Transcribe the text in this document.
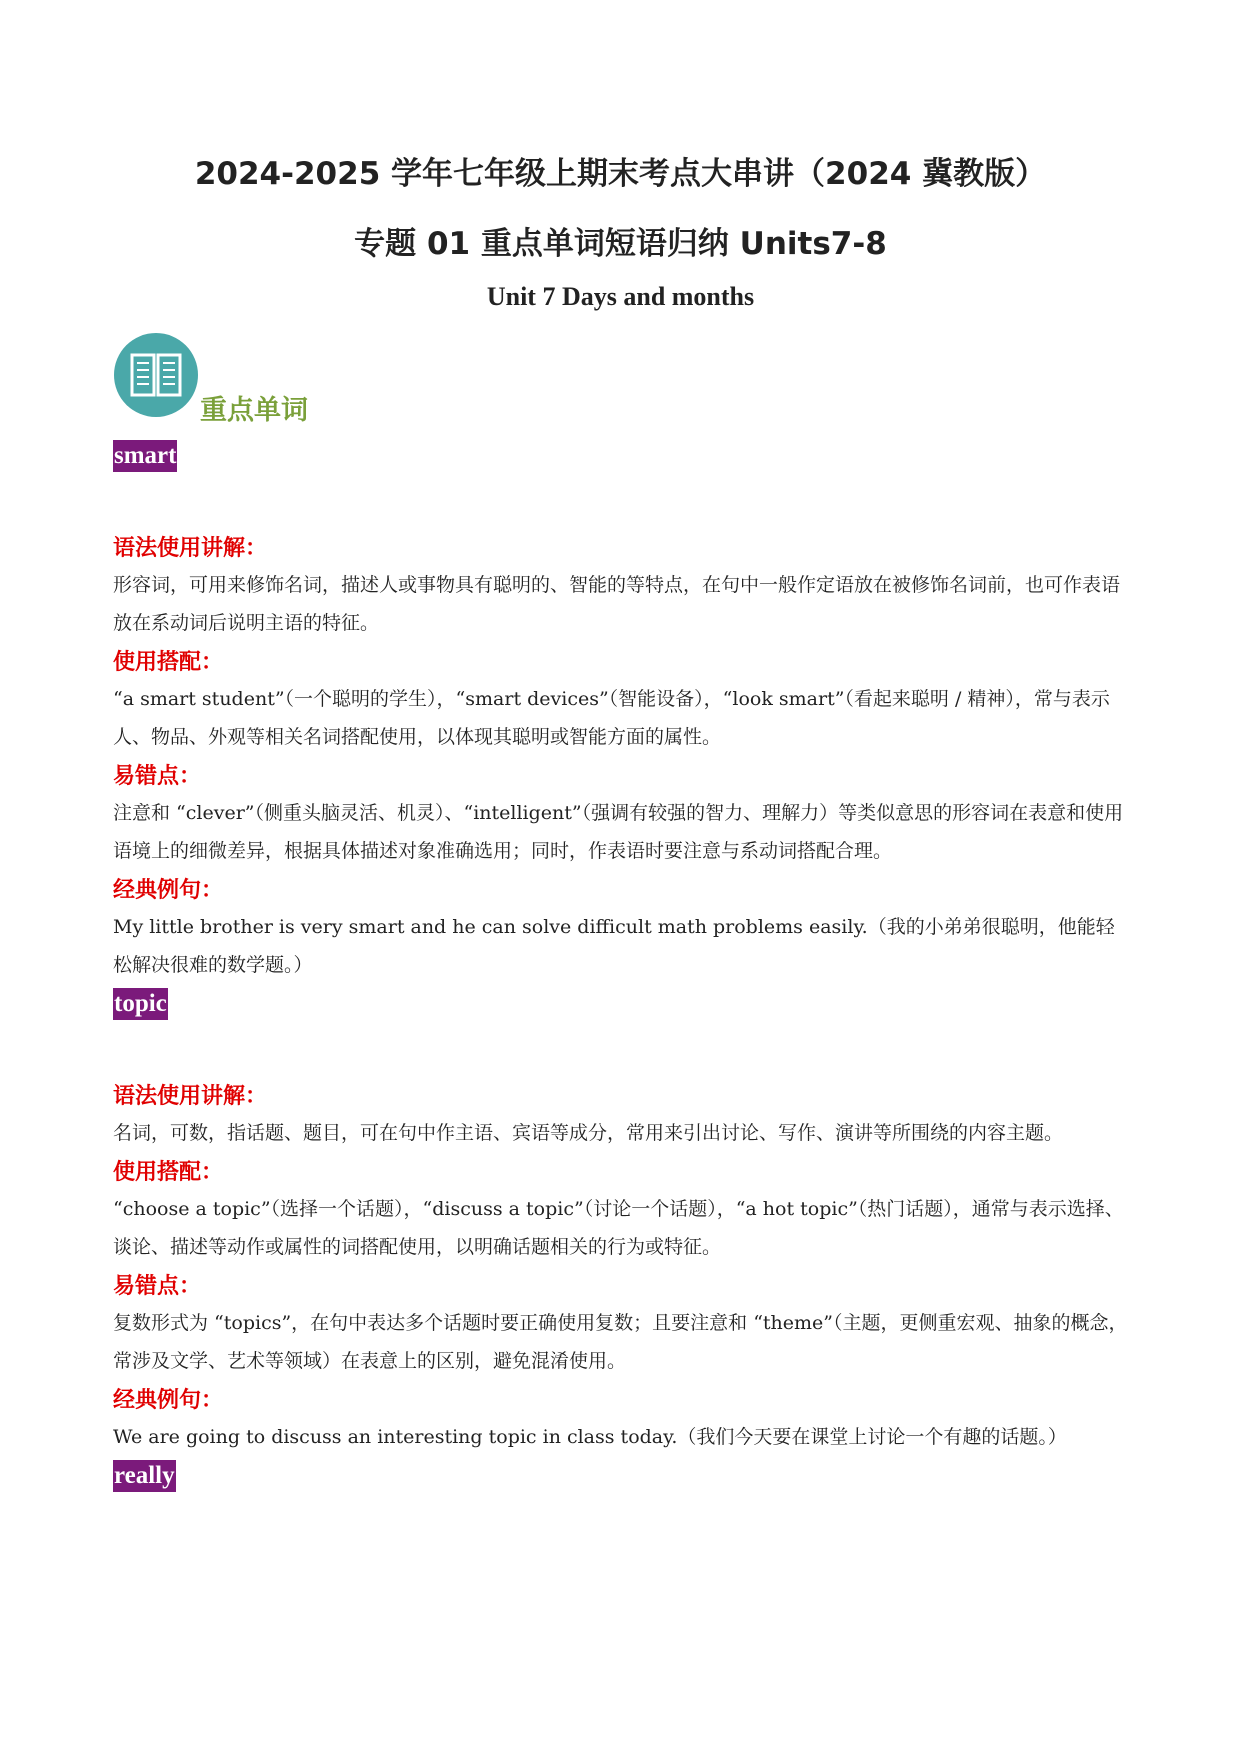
2024-2025 学年七年级上期末考点大串讲（2024 冀教版）
专题 01 重点单词短语归纳 Units7-8
Unit 7 Days and months
重点单词
smart

语法使用讲解：

形容词，可用来修饰名词，描述人或事物具有聪明的、智能的等特点，在句中一般作定语放在被修饰名词前，也可作表语放在系动词后说明主语的特征。

使用搭配：

“a smart student”（一个聪明的学生），“smart devices”（智能设备），“look smart”（看起来聪明 / 精神），常与表示人、物品、外观等相关名词搭配使用，以体现其聪明或智能方面的属性。

易错点：

注意和 “clever”（侧重头脑灵活、机灵）、“intelligent”（强调有较强的智力、理解力）等类似意思的形容词在表意和使用语境上的细微差异，根据具体描述对象准确选用；同时，作表语时要注意与系动词搭配合理。

经典例句：

My little brother is very smart and he can solve difficult math problems easily.（我的小弟弟很聪明，他能轻松解决很难的数学题。）

topic

语法使用讲解：

名词，可数，指话题、题目，可在句中作主语、宾语等成分，常用来引出讨论、写作、演讲等所围绕的内容主题。

使用搭配：

“choose a topic”（选择一个话题），“discuss a topic”（讨论一个话题），“a hot topic”（热门话题），通常与表示选择、谈论、描述等动作或属性的词搭配使用，以明确话题相关的行为或特征。

易错点：

复数形式为 “topics”，在句中表达多个话题时要正确使用复数；且要注意和 “theme”（主题，更侧重宏观、抽象的概念，常涉及文学、艺术等领域）在表意上的区别，避免混淆使用。

经典例句：

We are going to discuss an interesting topic in class today.（我们今天要在课堂上讨论一个有趣的话题。）

really
